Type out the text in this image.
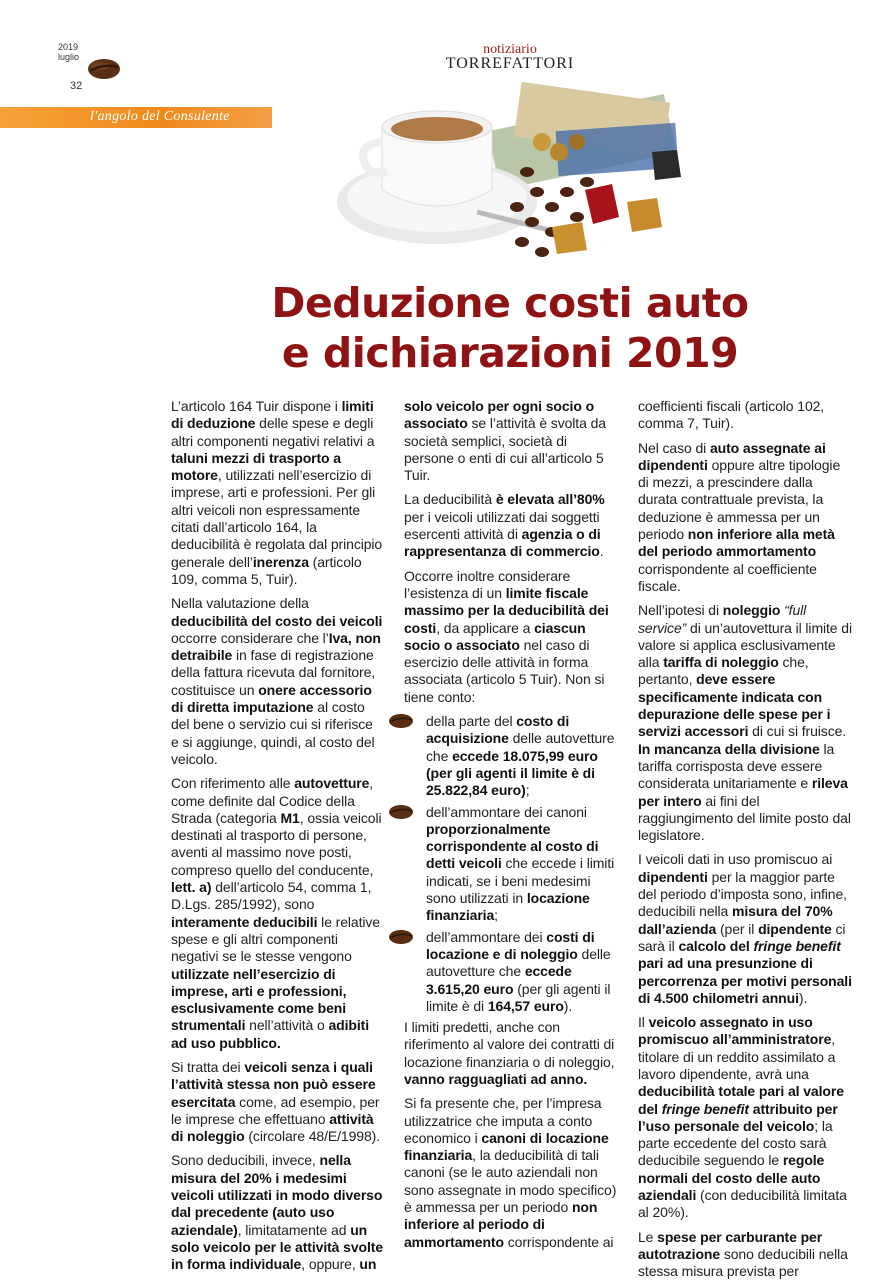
2019
luglio
32
notiziario
TORREFATTORI
l'angolo del Consulente
Deduzione costi auto
e dichiarazioni 2019

L’articolo 164 Tuir dispone i limiti di deduzione delle spese e degli altri componenti negativi relativi a taluni mezzi di trasporto a motore, utilizzati nell’esercizio di imprese, arti e professioni. Per gli altri veicoli non espressamente citati dall’articolo 164, la deducibilità è regolata dal principio generale dell’inerenza (articolo 109, comma 5, Tuir).

Nella valutazione della deducibilità del costo dei veicoli occorre considerare che l’Iva, non detraibile in fase di registrazione della fattura ricevuta dal fornitore, costituisce un onere accessorio di diretta imputazione al costo del bene o servizio cui si riferisce e si aggiunge, quindi, al costo del veicolo.

Con riferimento alle autovetture, come definite dal Codice della Strada (categoria M1, ossia veicoli destinati al trasporto di persone, aventi al massimo nove posti, compreso quello del conducente, lett. a) dell’articolo 54, comma 1, D.Lgs. 285/1992), sono interamente deducibili le relative spese e gli altri componenti negativi se le stesse vengono utilizzate nell’esercizio di imprese, arti e professioni, esclusivamente come beni strumentali nell’attività o adibiti ad uso pubblico.

Si tratta dei veicoli senza i quali l’attività stessa non può essere esercitata come, ad esempio, per le imprese che effettuano attività di noleggio (circolare 48/E/1998).

Sono deducibili, invece, nella misura del 20% i medesimi veicoli utilizzati in modo diverso dal precedente (auto uso aziendale), limitatamente ad un solo veicolo per le attività svolte in forma individuale, oppure, un

solo veicolo per ogni socio o associato se l’attività è svolta da società semplici, società di persone o enti di cui all’articolo 5 Tuir.

La deducibilità è elevata all’80% per i veicoli utilizzati dai soggetti esercenti attività di agenzia o di rappresentanza di commercio.

Occorre inoltre considerare l’esistenza di un limite fiscale massimo per la deducibilità dei costi, da applicare a ciascun socio o associato nel caso di esercizio delle attività in forma associata (articolo 5 Tuir). Non si tiene conto:

della parte del costo di acquisizione delle autovetture che eccede 18.075,99 euro (per gli agenti il limite è di 25.822,84 euro);
dell’ammontare dei canoni proporzionalmente corrispondente al costo di detti veicoli che eccede i limiti indicati, se i beni medesimi sono utilizzati in locazione finanziaria;
dell’ammontare dei costi di locazione e di noleggio delle autovetture che eccede 3.615,20 euro (per gli agenti il limite è di 164,57 euro).

I limiti predetti, anche con riferimento al valore dei contratti di locazione finanziaria o di noleggio, vanno ragguagliati ad anno.

Si fa presente che, per l’impresa utilizzatrice che imputa a conto economico i canoni di locazione finanziaria, la deducibilità di tali canoni (se le auto aziendali non sono assegnate in modo specifico) è ammessa per un periodo non inferiore al periodo di ammortamento corrispondente ai

coefficienti fiscali (articolo 102, comma 7, Tuir).

Nel caso di auto assegnate ai dipendenti oppure altre tipologie di mezzi, a prescindere dalla durata contrattuale prevista, la deduzione è ammessa per un periodo non inferiore alla metà del periodo ammortamento corrispondente al coefficiente fiscale.

Nell’ipotesi di noleggio “full service” di un’autovettura il limite di valore si applica esclusivamente alla tariffa di noleggio che, pertanto, deve essere specificamente indicata con depurazione delle spese per i servizi accessori di cui si fruisce. In mancanza della divisione la tariffa corrisposta deve essere considerata unitariamente e rileva per intero ai fini del raggiungimento del limite posto dal legislatore.

I veicoli dati in uso promiscuo ai dipendenti per la maggior parte del periodo d’imposta sono, infine, deducibili nella misura del 70% dall’azienda (per il dipendente ci sarà il calcolo del fringe benefit pari ad una presunzione di percorrenza per motivi personali di 4.500 chilometri annui).

Il veicolo assegnato in uso promiscuo all’amministratore, titolare di un reddito assimilato a lavoro dipendente, avrà una deducibilità totale pari al valore del fringe benefit attribuito per l’uso personale del veicolo; la parte eccedente del costo sarà deducibile seguendo le regole normali del costo delle auto aziendali (con deducibilità limitata al 20%).

Le spese per carburante per autotrazione sono deducibili nella stessa misura prevista per
